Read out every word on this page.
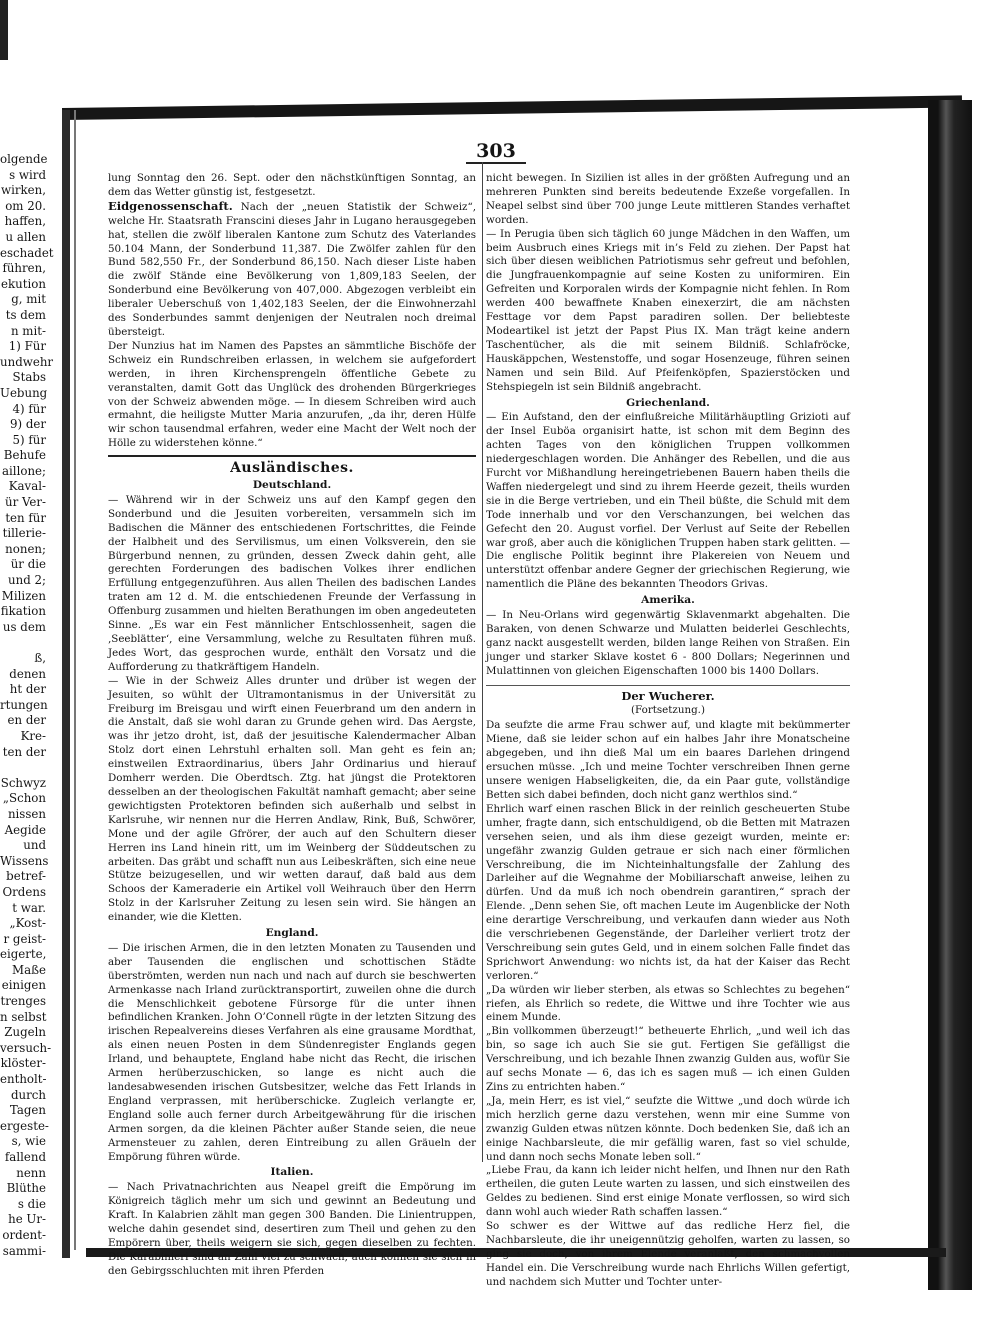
olgende
s wird
wirken,
om 20.
haffen,
u allen
eschadet
führen,
ekution
g, mit
ts dem
n mit-
1) Für
undwehr
Stabs
Uebung
4) für
9) der
5) für
Behufe
aillone;
Kaval-
ür Ver-
ten für
tillerie-
nonen;
ür die
und 2;
Milizen
fikation
us dem
ß,
denen
ht der
rtungen
en der
Kre-
ten der
Schwyz
„Schon
nissen
Aegide
und
Wissens
betref-
Ordens
t war.
„Kost-
r geist-
eigerte,
Maße
einigen
trenges
n selbst
Zugeln
versuch-
klöster-
entholt-
durch
Tagen
ergeste-
s, wie
fallend
nenn
Blüthe
s die
he Ur-
ordent-
sammi-
303

lung Sonntag den 26. Sept. oder den nächstkünftigen Sonntag, an dem das Wetter günstig ist, festgesetzt.

Eidgenossenschaft. Nach der „neuen Statistik der Schweiz“, welche Hr. Staatsrath Franscini dieses Jahr in Lugano herausgegeben hat, stellen die zwölf liberalen Kantone zum Schutz des Vaterlandes 50.104 Mann, der Sonderbund 11,387. Die Zwölfer zahlen für den Bund 582,550 Fr., der Sonderbund 86,150. Nach dieser Liste haben die zwölf Stände eine Bevölkerung von 1,809,183 Seelen, der Sonderbund eine Bevölkerung von 407,000. Abgezogen verbleibt ein liberaler Ueberschuß von 1,402,183 Seelen, der die Einwohnerzahl des Sonderbundes sammt denjenigen der Neutralen noch dreimal übersteigt.

Der Nunzius hat im Namen des Papstes an sämmtliche Bischöfe der Schweiz ein Rundschreiben erlassen, in welchem sie aufgefordert werden, in ihren Kirchensprengeln öffentliche Gebete zu veranstalten, damit Gott das Unglück des drohenden Bürgerkrieges von der Schweiz abwenden möge. — In diesem Schreiben wird auch ermahnt, die heiligste Mutter Maria anzurufen, „da ihr, deren Hülfe wir schon tausendmal erfahren, weder eine Macht der Welt noch der Hölle zu widerstehen könne.“

Ausländisches.
Deutschland.

— Während wir in der Schweiz uns auf den Kampf gegen den Sonderbund und die Jesuiten vorbereiten, versammeln sich im Badischen die Männer des entschiedenen Fortschrittes, die Feinde der Halbheit und des Servilismus, um einen Volksverein, den sie Bürgerbund nennen, zu gründen, dessen Zweck dahin geht, alle gerechten Forderungen des badischen Volkes ihrer endlichen Erfüllung entgegenzuführen. Aus allen Theilen des badischen Landes traten am 12 d. M. die entschiedenen Freunde der Verfassung in Offenburg zusammen und hielten Berathungen im oben angedeuteten Sinne. „Es war ein Fest männlicher Entschlossenheit, sagen die ‚Seeblätter‘, eine Versammlung, welche zu Resultaten führen muß. Jedes Wort, das gesprochen wurde, enthält den Vorsatz und die Aufforderung zu thatkräftigem Handeln.

— Wie in der Schweiz Alles drunter und drüber ist wegen der Jesuiten, so wühlt der Ultramontanismus in der Universität zu Freiburg im Breisgau und wirft einen Feuerbrand um den andern in die Anstalt, daß sie wohl daran zu Grunde gehen wird. Das Aergste, was ihr jetzo droht, ist, daß der jesuitische Kalendermacher Alban Stolz dort einen Lehrstuhl erhalten soll. Man geht es fein an; einstweilen Extraordinarius, übers Jahr Ordinarius und hierauf Domherr werden. Die Oberdtsch. Ztg. hat jüngst die Protektoren desselben an der theologischen Fakultät namhaft gemacht; aber seine gewichtigsten Protektoren befinden sich außerhalb und selbst in Karlsruhe, wir nennen nur die Herren Andlaw, Rink, Buß, Schwörer, Mone und der agile Gfrörer, der auch auf den Schultern dieser Herren ins Land hinein ritt, um im Weinberg der Süddeutschen zu arbeiten. Das gräbt und schafft nun aus Leibeskräften, sich eine neue Stütze beizugesellen, und wir wetten darauf, daß bald aus dem Schoos der Kameraderie ein Artikel voll Weihrauch über den Herrn Stolz in der Karlsruher Zeitung zu lesen sein wird. Sie hängen an einander, wie die Kletten.

England.

— Die irischen Armen, die in den letzten Monaten zu Tausenden und aber Tausenden die englischen und schottischen Städte überströmten, werden nun nach und nach auf durch sie beschwerten Armenkasse nach Irland zurücktransportirt, zuweilen ohne die durch die Menschlichkeit gebotene Fürsorge für die unter ihnen befindlichen Kranken. John O’Connell rügte in der letzten Sitzung des irischen Repealvereins dieses Verfahren als eine grausame Mordthat, als einen neuen Posten in dem Sündenregister Englands gegen Irland, und behauptete, England habe nicht das Recht, die irischen Armen herüberzuschicken, so lange es nicht auch die landesabwesenden irischen Gutsbesitzer, welche das Fett Irlands in England verprassen, mit herüberschicke. Zugleich verlangte er, England solle auch ferner durch Arbeitgewährung für die irischen Armen sorgen, da die kleinen Pächter außer Stande seien, die neue Armensteuer zu zahlen, deren Eintreibung zu allen Gräueln der Empörung führen würde.

Italien.

— Nach Privatnachrichten aus Neapel greift die Empörung im Königreich täglich mehr um sich und gewinnt an Bedeutung und Kraft. In Kalabrien zählt man gegen 300 Banden. Die Linientruppen, welche dahin gesendet sind, desertiren zum Theil und gehen zu den Empörern über, theils weigern sie sich, gegen dieselben zu fechten. Die Karabinieri sind an Zahl viel zu schwach, auch können sie sich in den Gebirgsschluchten mit ihren Pferden

nicht bewegen. In Sizilien ist alles in der größten Aufregung und an mehreren Punkten sind bereits bedeutende Exzeße vorgefallen. In Neapel selbst sind über 700 junge Leute mittleren Standes verhaftet worden.

— In Perugia üben sich täglich 60 junge Mädchen in den Waffen, um beim Ausbruch eines Kriegs mit in’s Feld zu ziehen. Der Papst hat sich über diesen weiblichen Patriotismus sehr gefreut und befohlen, die Jungfrauenkompagnie auf seine Kosten zu uniformiren. Ein Gefreiten und Korporalen wirds der Kompagnie nicht fehlen. In Rom werden 400 bewaffnete Knaben einexerzirt, die am nächsten Festtage vor dem Papst paradiren sollen. Der beliebteste Modeartikel ist jetzt der Papst Pius IX. Man trägt keine andern Taschentücher, als die mit seinem Bildniß. Schlafröcke, Hauskäppchen, Westenstoffe, und sogar Hosenzeuge, führen seinen Namen und sein Bild. Auf Pfeifenköpfen, Spazierstöcken und Stehspiegeln ist sein Bildniß angebracht.

Griechenland.

— Ein Aufstand, den der einflußreiche Militärhäuptling Grizioti auf der Insel Euböa organisirt hatte, ist schon mit dem Beginn des achten Tages von den königlichen Truppen vollkommen niedergeschlagen worden. Die Anhänger des Rebellen, und die aus Furcht vor Mißhandlung hereingetriebenen Bauern haben theils die Waffen niedergelegt und sind zu ihrem Heerde gezeit, theils wurden sie in die Berge vertrieben, und ein Theil büßte, die Schuld mit dem Tode innerhalb und vor den Verschanzungen, bei welchen das Gefecht den 20. August vorfiel. Der Verlust auf Seite der Rebellen war groß, aber auch die königlichen Truppen haben stark gelitten. — Die englische Politik beginnt ihre Plakereien von Neuem und unterstützt offenbar andere Gegner der griechischen Regierung, wie namentlich die Pläne des bekannten Theodors Grivas.

Amerika.

— In Neu-Orlans wird gegenwärtig Sklavenmarkt abgehalten. Die Baraken, von denen Schwarze und Mulatten beiderlei Geschlechts, ganz nackt ausgestellt werden, bilden lange Reihen von Straßen. Ein junger und starker Sklave kostet 6 - 800 Dollars; Negerinnen und Mulattinnen von gleichen Eigenschaften 1000 bis 1400 Dollars.

Der Wucherer.
(Fortsetzung.)

Da seufzte die arme Frau schwer auf, und klagte mit bekümmerter Miene, daß sie leider schon auf ein halbes Jahr ihre Monatscheine abgegeben, und ihn dieß Mal um ein baares Darlehen dringend ersuchen müsse. „Ich und meine Tochter verschreiben Ihnen gerne unsere wenigen Habseligkeiten, die, da ein Paar gute, vollständige Betten sich dabei befinden, doch nicht ganz werthlos sind.“

Ehrlich warf einen raschen Blick in der reinlich gescheuerten Stube umher, fragte dann, sich entschuldigend, ob die Betten mit Matrazen versehen seien, und als ihm diese gezeigt wurden, meinte er: ungefähr zwanzig Gulden getraue er sich nach einer förmlichen Verschreibung, die im Nichteinhaltungsfalle der Zahlung des Darleiher auf die Wegnahme der Mobiliarschaft anweise, leihen zu dürfen. Und da muß ich noch obendrein garantiren,“ sprach der Elende. „Denn sehen Sie, oft machen Leute im Augenblicke der Noth eine derartige Verschreibung, und verkaufen dann wieder aus Noth die verschriebenen Gegenstände, der Darleiher verliert trotz der Verschreibung sein gutes Geld, und in einem solchen Falle findet das Sprichwort Anwendung: wo nichts ist, da hat der Kaiser das Recht verloren.“

„Da würden wir lieber sterben, als etwas so Schlechtes zu begehen“ riefen, als Ehrlich so redete, die Wittwe und ihre Tochter wie aus einem Munde.

„Bin vollkommen überzeugt!“ betheuerte Ehrlich, „und weil ich das bin, so sage ich auch Sie sie gut. Fertigen Sie gefälligst die Verschreibung, und ich bezahle Ihnen zwanzig Gulden aus, wofür Sie auf sechs Monate — 6, das ich es sagen muß — ich einen Gulden Zins zu entrichten haben.“

„Ja, mein Herr, es ist viel,“ seufzte die Wittwe „und doch würde ich mich herzlich gerne dazu verstehen, wenn mir eine Summe von zwanzig Gulden etwas nützen könnte. Doch bedenken Sie, daß ich an einige Nachbarsleute, die mir gefällig waren, fast so viel schulde, und dann noch sechs Monate leben soll.“

„Liebe Frau, da kann ich leider nicht helfen, und Ihnen nur den Rath ertheilen, die guten Leute warten zu lassen, und sich einstweilen des Geldes zu bedienen. Sind erst einige Monate verflossen, so wird sich dann wohl auch wieder Rath schaffen lassen.“

So schwer es der Wittwe auf das redliche Herz fiel, die Nachbarsleute, die ihr uneigennützig geholfen, warten zu lassen, so ging sie doch, von ihrem Elende veranlaßt, den schmachvollen Handel ein. Die Verschreibung wurde nach Ehrlichs Willen gefertigt, und nachdem sich Mutter und Tochter unter-
